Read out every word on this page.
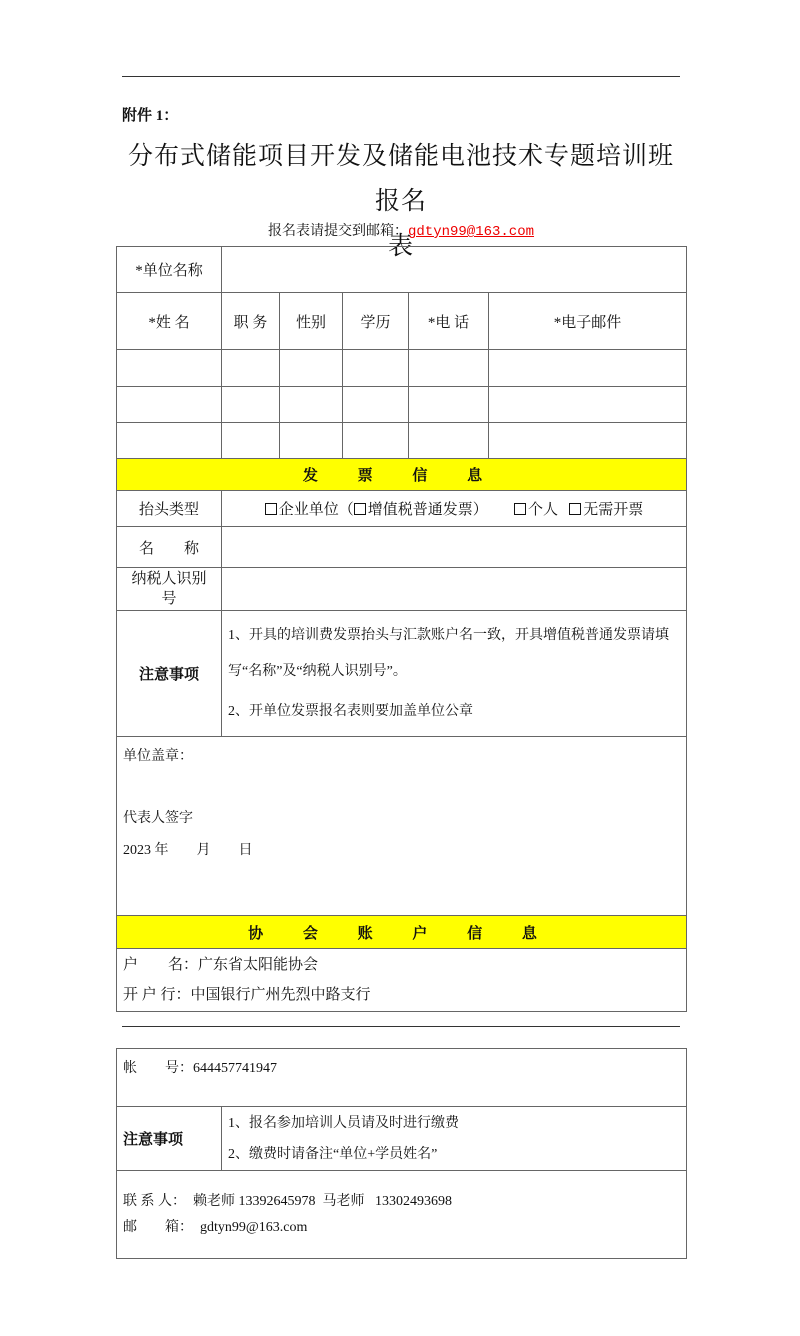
附件 1：
分布式储能项目开发及储能电池技术专题培训班报名
表
报名表请提交到邮箱：gdtyn99@163.com
*单位名称					
*姓 名	职 务	性别	学历	*电 话	*电子邮件

发 票 信 息					
抬头类型	企业单位（ 增值税普通发票）    个人   无需开票				
名　　称					
纳税人识别号					
注意事项	1、开具的培训费发票抬头与汇款账户名一致，开具增值税普通发票请填写“名称”及“纳税人识别号”。
2、开单位发票报名表则要加盖单位公章				

单位盖章：
代表人签字
2023 年　　月　　日					

协 会 账 户 信 息					

户　　名：广东省太阳能协会
开 户 行：中国银行广州先烈中路支行					
帐　　号：644457741947
注意事项	
1、报名参加培训人员请及时进行缴费
2、缴费时请备注“单位+学员姓名”

联 系 人：  赖老师 13392645978  马老师   13302493698
邮　　箱：  gdtyn99@163.com
